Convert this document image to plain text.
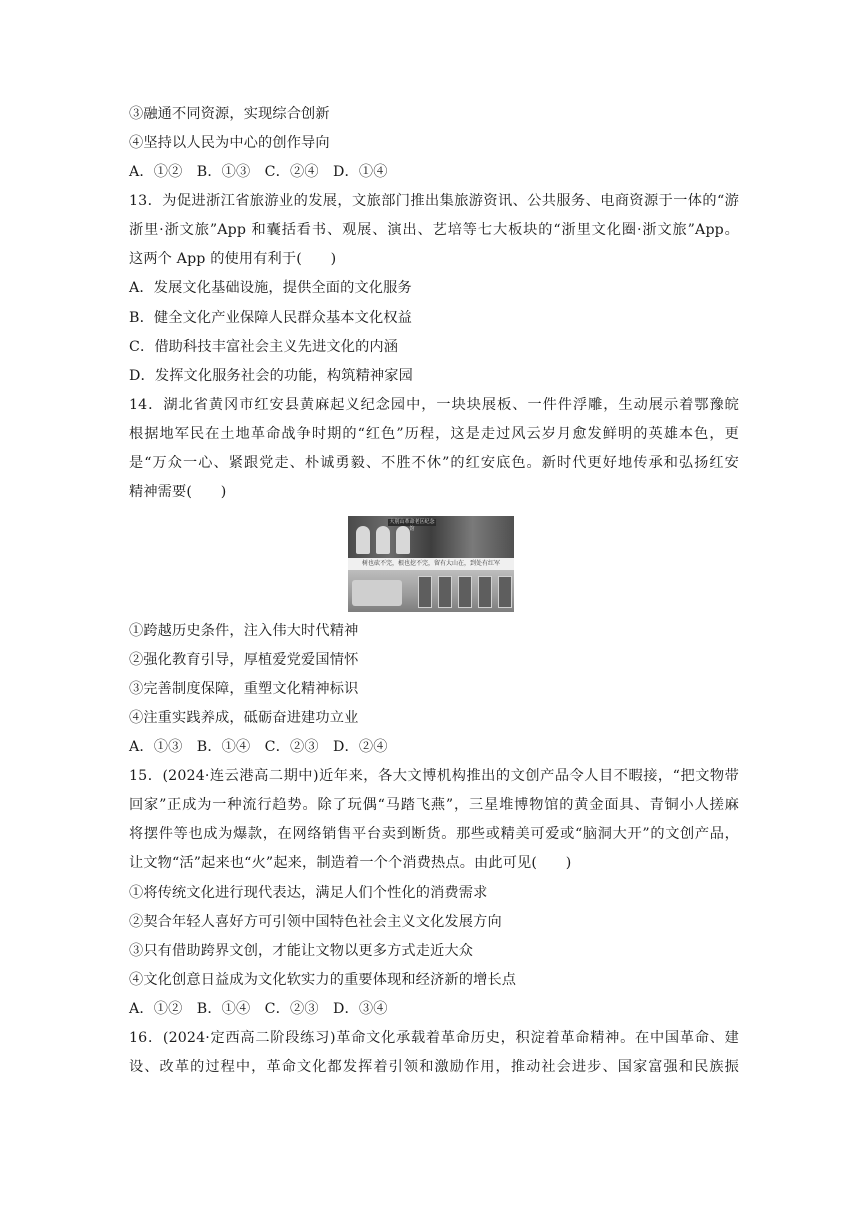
③融通不同资源，实现综合创新
④坚持以人民为中心的创作导向
A．①②　B．①③　C．②④　D．①④
13．为促进浙江省旅游业的发展，文旅部门推出集旅游资讯、公共服务、电商资源于一体的“游
浙里·浙文旅”App 和囊括看书、观展、演出、艺培等七大板块的“浙里文化圈·浙文旅”App。
这两个 App 的使用有利于(　　)
A．发展文化基础设施，提供全面的文化服务
B．健全文化产业保障人民群众基本文化权益
C．借助科技丰富社会主义先进文化的内涵
D．发挥文化服务社会的功能，构筑精神家园
14．湖北省黄冈市红安县黄麻起义纪念园中，一块块展板、一件件浮雕，生动展示着鄂豫皖
根据地军民在土地革命战争时期的“红色”历程，这是走过风云岁月愈发鲜明的英雄本色，更
是“万众一心、紧跟党走、朴诚勇毅、不胜不休”的红安底色。新时代更好地传承和弘扬红安
精神需要(　　)
大别山革命老区纪念馆
树也砍不完，根也挖不完，留有大山在，到处有红军
①跨越历史条件，注入伟大时代精神
②强化教育引导，厚植爱党爱国情怀
③完善制度保障，重塑文化精神标识
④注重实践养成，砥砺奋进建功立业
A．①③　B．①④　C．②③　D．②④
15．(2024·连云港高二期中)近年来，各大文博机构推出的文创产品令人目不暇接，“把文物带
回家”正成为一种流行趋势。除了玩偶“马踏飞燕”，三星堆博物馆的黄金面具、青铜小人搓麻
将摆件等也成为爆款，在网络销售平台卖到断货。那些或精美可爱或“脑洞大开”的文创产品，
让文物“活”起来也“火”起来，制造着一个个消费热点。由此可见(　　)
①将传统文化进行现代表达，满足人们个性化的消费需求
②契合年轻人喜好方可引领中国特色社会主义文化发展方向
③只有借助跨界文创，才能让文物以更多方式走近大众
④文化创意日益成为文化软实力的重要体现和经济新的增长点
A．①②　B．①④　C．②③　D．③④
16．(2024·定西高二阶段练习)革命文化承载着革命历史，积淀着革命精神。在中国革命、建
设、改革的过程中，革命文化都发挥着引领和激励作用，推动社会进步、国家富强和民族振
